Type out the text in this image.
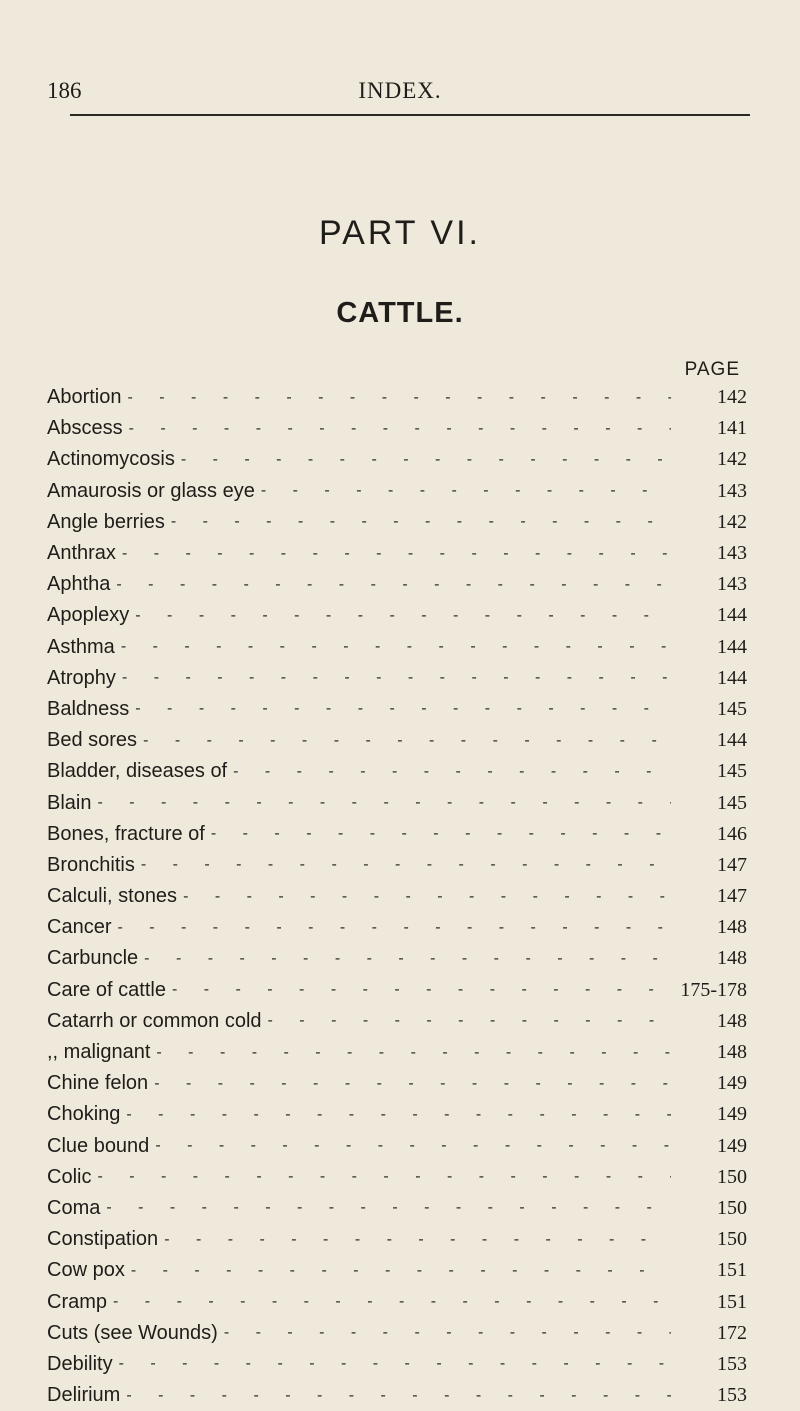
186	INDEX.
PART VI.
CATTLE.
PAGE
Abortion - - -	142
Abscess - - -	141
Actinomycosis - - -	142
Amaurosis or glass eye - - -	143
Angle berries - - -	142
Anthrax - - -	143
Aphtha - - -	143
Apoplexy - - -	144
Asthma - - -	144
Atrophy - - -	144
Baldness - - -	145
Bed sores - - -	144
Bladder, diseases of - - -	145
Blain - - -	145
Bones, fracture of - - -	146
Bronchitis - - -	147
Calculi, stones - - -	147
Cancer - - -	148
Carbuncle - - -	148
Care of cattle - - -	175-178
Catarrh or common cold - - -	148
,, malignant - - -	148
Chine felon - - -	149
Choking - - -	149
Clue bound - - -	149
Colic - - -	150
Coma - - -	150
Constipation - - -	150
Cow pox - - -	151
Cramp - - -	151
Cuts (see Wounds) - - -	172
Debility - - -	153
Delirium - - -	153
